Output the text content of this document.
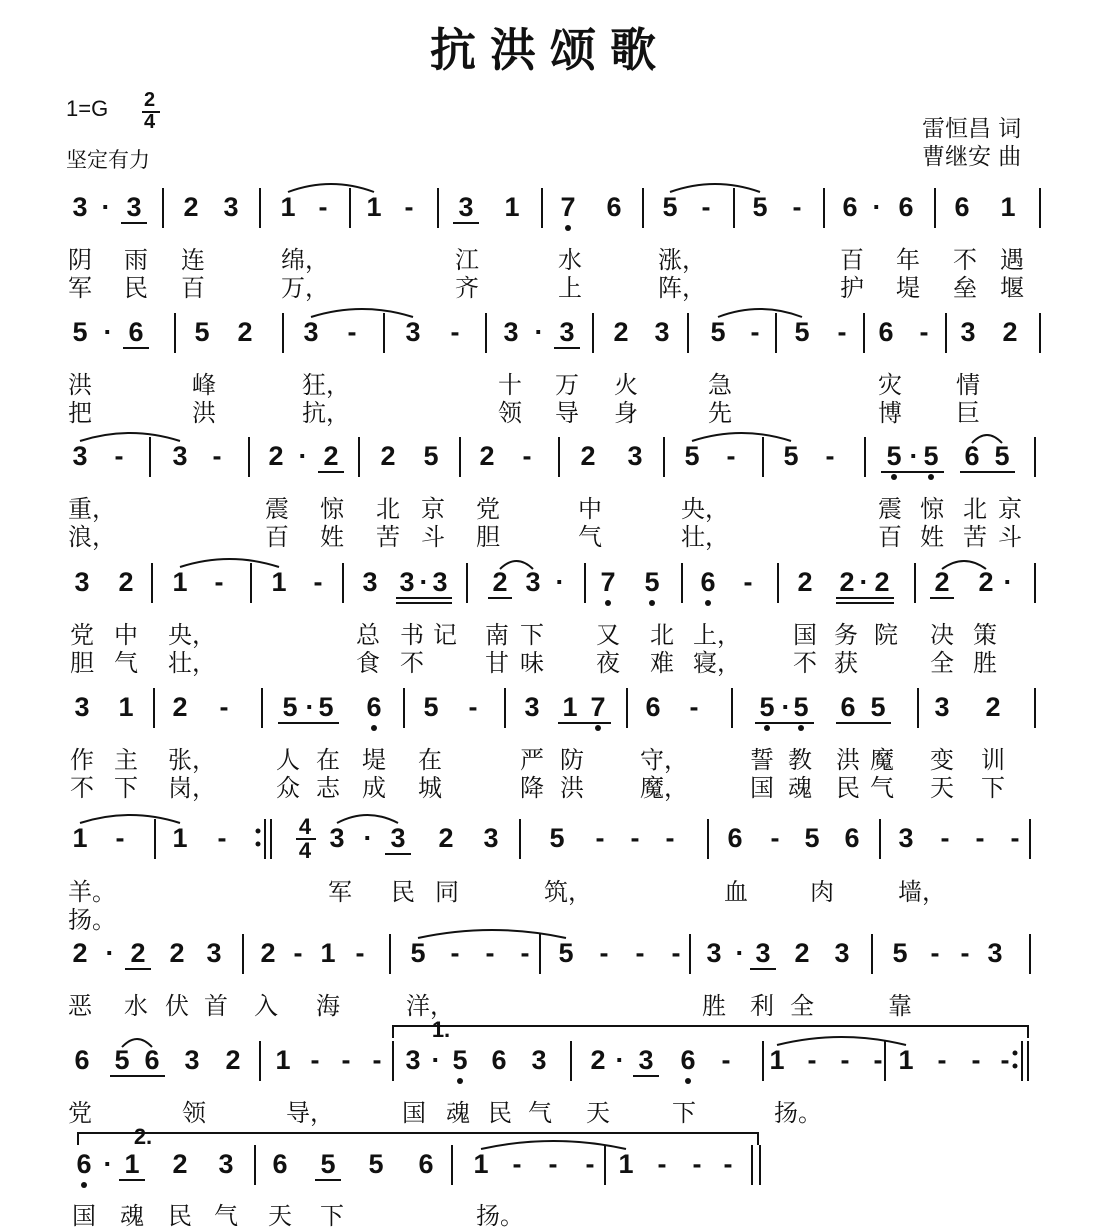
抗洪颂歌
1=G 2
4
坚定有力
雷恒昌 词
曹继安 曲
3 · 3 2 3 1 - 1 - 3 1 7 6 5 - 5 - 6 · 6 6 1
5 · 6 5 2 3 - 3 - 3 · 3 2 3 5 - 5 - 6 - 3 2
3 - 3 - 2 · 2 2 5 2 - 2 3 5 - 5 - 5 · 5 6 5
3 2 1 - 1 - 3 3 · 3 2 3 · 7 5 6 - 2 2 · 2 2 2 ·
3 1 2 - 5 · 5 6 5 - 3 1 7 6 - 5 · 5 6 5 3 2
1 - 1 -	3 · 3 2 3 5 - - - 6 - 5 6 3 - - -
4
4
2 · 2 2 3 2 - 1 - 5 - - - 5 - - - 3 · 3 2 3 5 - - 3
6 5 6 3 2 1 - - - 3 · 5 6 3 2 · 3 6 - 1 - - - 1 - - -
1.
6 · 1 2 3 6 5 5 6 1 - - - 1 - - -
2.
阴 雨 连	绵，	江	水	涨，	百 年 不 遇
军 民 百	万，	齐	上	阵，	护 堤 垒 堰
洪	峰	狂，	十 万 火	急	灾 情
把	洪	抗，	领 导 身	先	博 巨
重，	震 惊 北 京 党	中	央，	震 惊 北 京
浪，	百 姓 苦 斗 胆	气	壮，	百 姓 苦 斗
党 中 央，	总 书 记 南 下 又 北 上， 国 务 院 决 策
胆 气 壮，	食 不	甘 味 夜 难 寝， 不 获	全 胜
作 主 张，	人 在 堤 在	严 防 守，	誓 教 洪 魔 变 训
不 下 岗，	众 志 成 城	降 洪 魔，	国 魂 民 气 天 下
羊。	军 民 同	筑，	血	肉	墙，
扬。
恶 水 伏 首 入 海	洋，	胜 利 全	靠
党	领	导，	国 魂 民 气 天	下	扬。
国 魂 民 气 天 下	扬。
